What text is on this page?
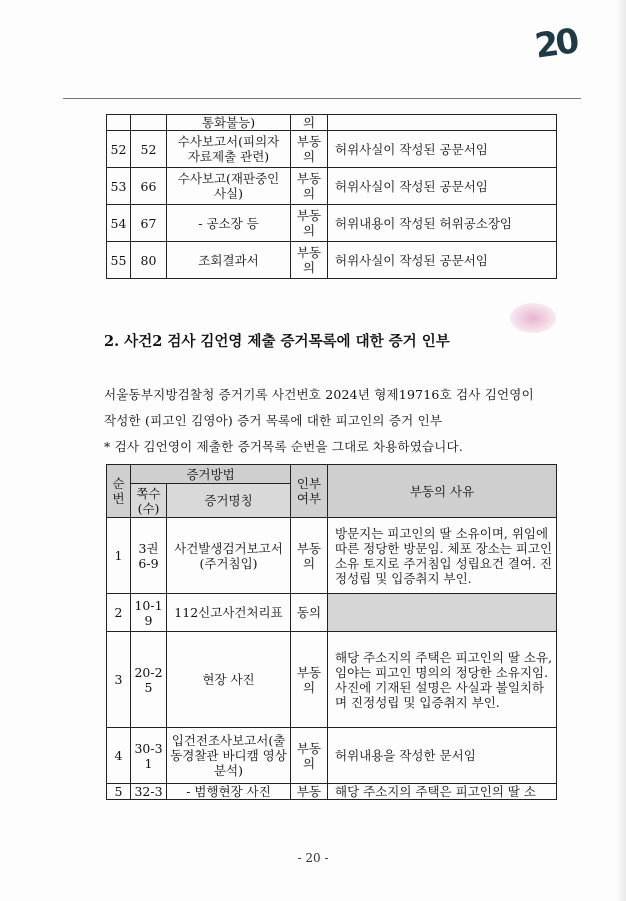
20
		통화불능)	의	
52	52	수사보고서(피의자 자료제출 관련)	부동의	허위사실이 작성된 공문서임
53	66	수사보고(재판중인 사실)	부동의	허위사실이 작성된 공문서임
54	67	- 공소장 등	부동의	허위내용이 작성된 허위공소장임
55	80	조회결과서	부동의	허위사실이 작성된 공문서임
2. 사건2 검사 김언영 제출 증거목록에 대한 증거 인부
서울동부지방검찰청 증거기록 사건번호 2024년 형제19716호 검사 김언영이
작성한 (피고인 김영아) 증거 목록에 대한 피고인의 증거 인부
* 검사 김언영이 제출한 증거목록 순번을 그대로 차용하였습니다.
순번	증거방법		인부여부	부동의 사유
	쪽수(수)	증거명칭		
1	3권 6-9	사건발생검거보고서(주거침입)	부동의	방문지는 피고인의 딸 소유이며, 위임에 따른 정당한 방문임. 체포 장소는 피고인 소유 토지로 주거침입 성립요건 결여. 진정성립 및 입증취지 부인.
2	10-19	112신고사건처리표	동의	
3	20-25	현장 사진	부동의	해당 주소지의 주택은 피고인의 딸 소유, 임야는 피고인 명의의 정당한 소유지임. 사진에 기재된 설명은 사실과 불일치하며 진정성립 및 입증취지 부인.
4	30-31	입건전조사보고서(출동경찰관 바디캠 영상 분석)	부동의	허위내용을 작성한 문서임
5	32-3	- 범행현장 사진	부동	해당 주소지의 주택은 피고인의 딸 소
- 20 -
